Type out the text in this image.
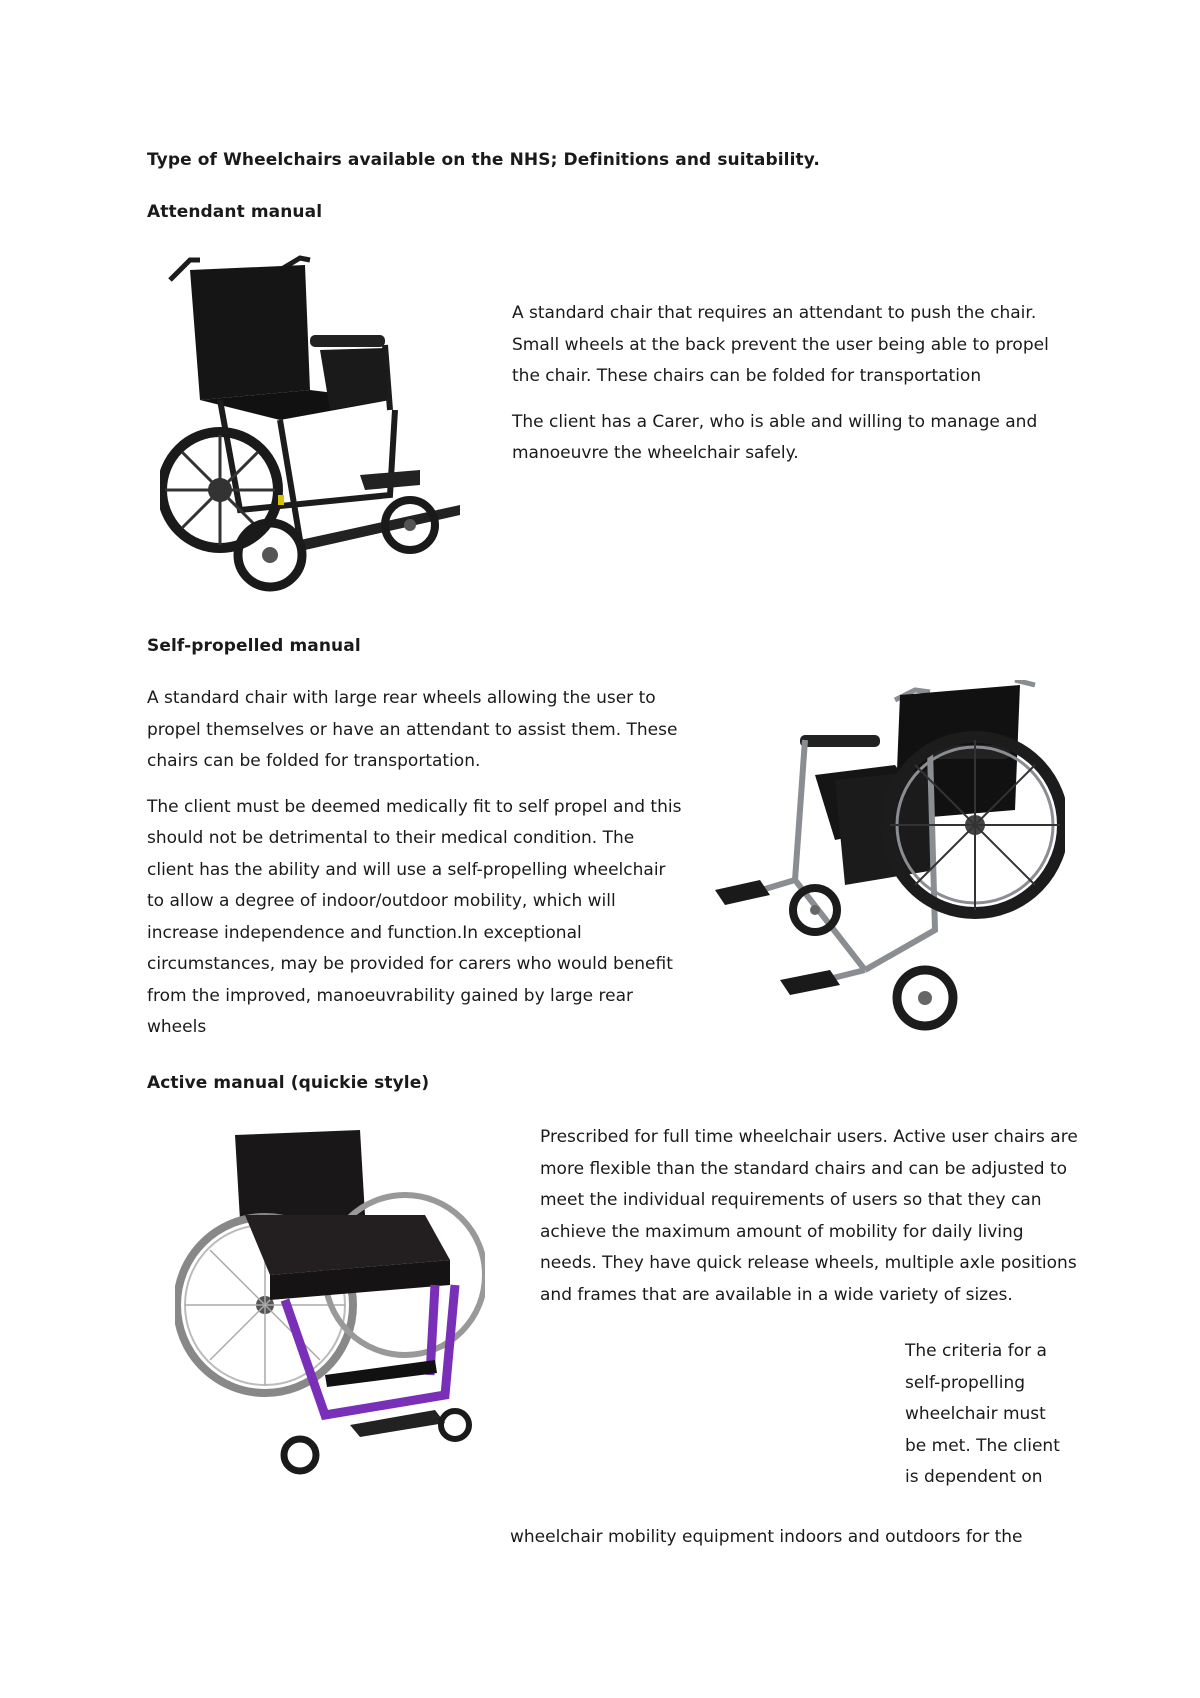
Type of Wheelchairs available on the NHS; Definitions and suitability.
Attendant manual

A standard chair that requires an attendant to push the chair. Small wheels at the back prevent the user being able to propel the chair. These chairs can be folded for transportation

The client has a Carer, who is able and willing to manage and manoeuvre the wheelchair safely.

Self-propelled manual

A standard chair with large rear wheels allowing the user to propel themselves or have an attendant to assist them. These chairs can be folded for transportation.

The client must be deemed medically fit to self propel and this should not be detrimental to their medical condition. The client has the ability and will use a self-propelling wheelchair to allow a degree of indoor/outdoor mobility, which will increase independence and function.In exceptional circumstances, may be provided for carers who would benefit from the improved, manoeuvrability gained by large rear wheels

Active manual (quickie style)

Prescribed for full time wheelchair users. Active user chairs are more flexible than the standard chairs and can be adjusted to meet the individual requirements of users so that they can achieve the maximum amount of mobility for daily living needs. They have quick release wheels, multiple axle positions and frames that are available in a wide variety of sizes.

The criteria for a self-propelling wheelchair must be met. The client is dependent on

wheelchair mobility equipment indoors and outdoors for the
